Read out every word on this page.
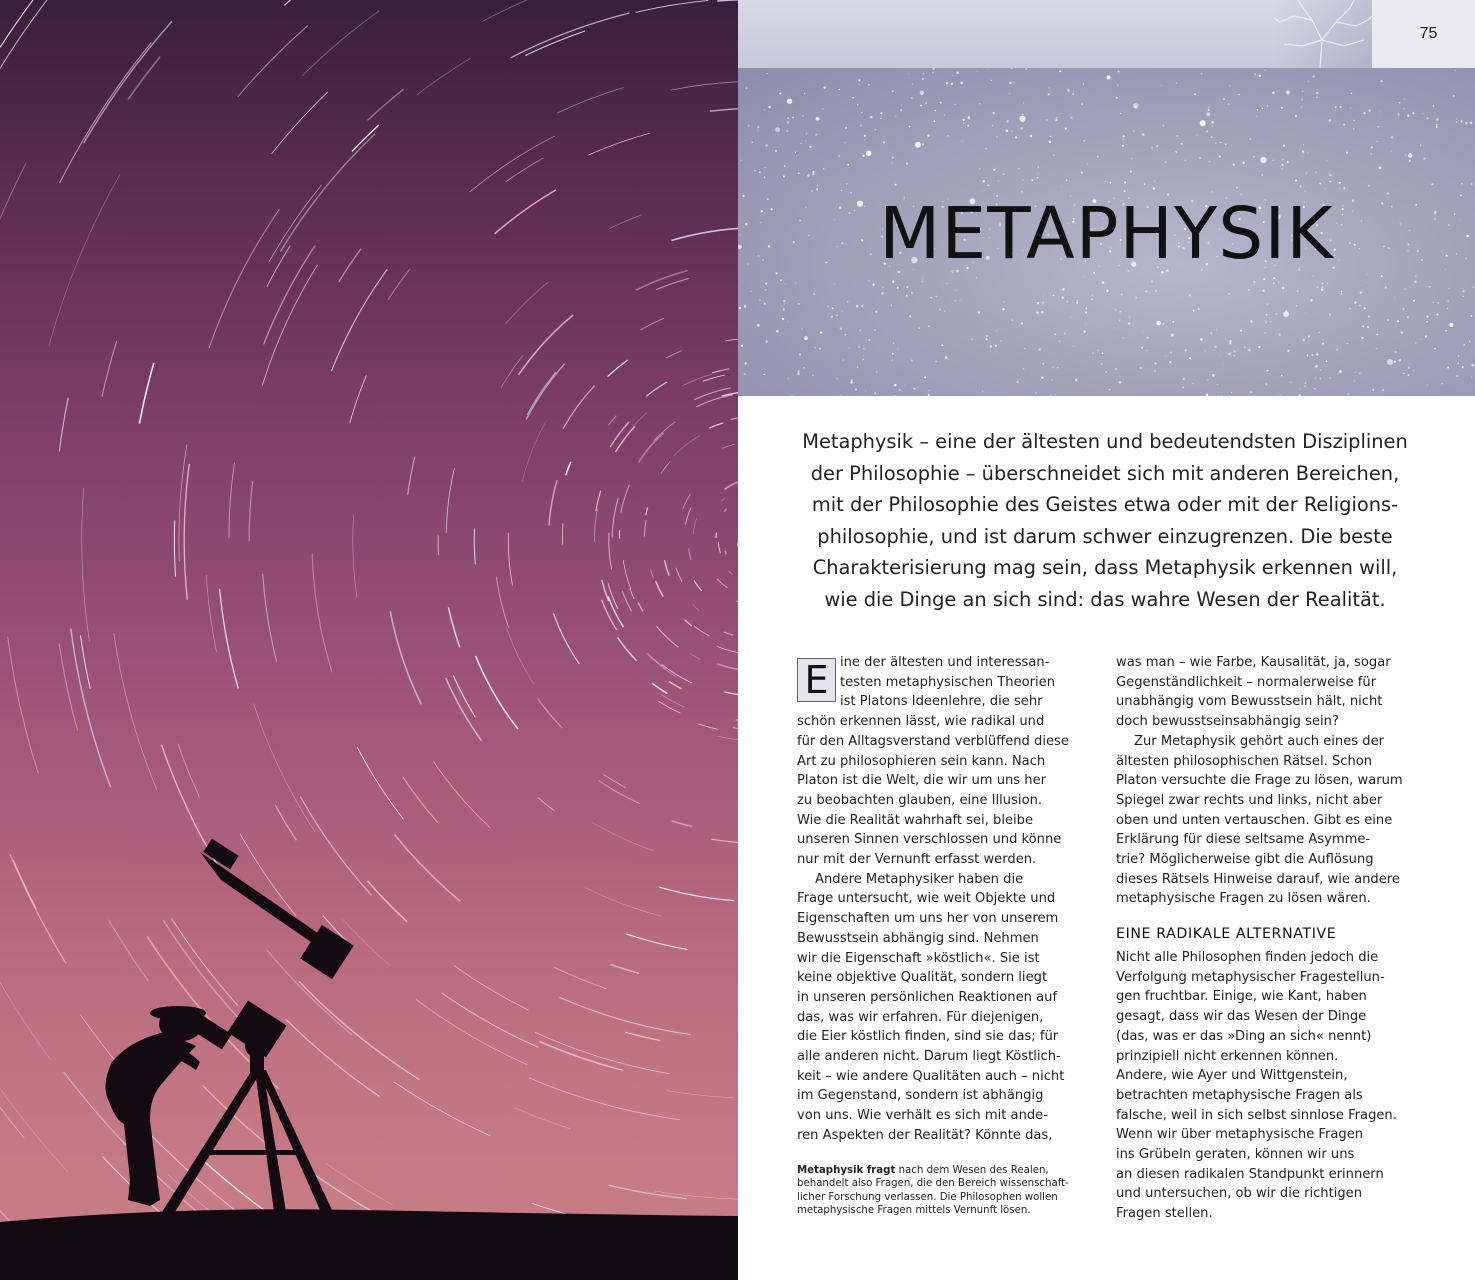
75
METAPHYSIK
Metaphysik – eine der ältesten und bedeutendsten Disziplinen
der Philosophie – überschneidet sich mit anderen Bereichen,
mit der Philosophie des Geistes etwa oder mit der Religions-
philosophie, und ist darum schwer einzugrenzen. Die beste
Charakterisierung mag sein, dass Metaphysik erkennen will,
wie die Dinge an sich sind: das wahre Wesen der Realität.
E ine der ältesten und interessan-
testen metaphysischen Theorien
ist Platons Ideenlehre, die sehr
schön erkennen lässt, wie radikal und
für den Alltagsverstand verblüffend diese
Art zu philosophieren sein kann. Nach
Platon ist die Welt, die wir um uns her
zu beobachten glauben, eine Illusion.
Wie die Realität wahrhaft sei, bleibe
unseren Sinnen verschlossen und könne
nur mit der Vernunft erfasst werden.
Andere Metaphysiker haben die
Frage untersucht, wie weit Objekte und
Eigenschaften um uns her von unserem
Bewusstsein abhängig sind. Nehmen
wir die Eigenschaft »köstlich«. Sie ist
keine objektive Qualität, sondern liegt
in unseren persönlichen Reaktionen auf
das, was wir erfahren. Für diejenigen,
die Eier köstlich finden, sind sie das; für
alle anderen nicht. Darum liegt Köstlich-
keit – wie andere Qualitäten auch – nicht
im Gegenstand, sondern ist abhängig
von uns. Wie verhält es sich mit ande-
ren Aspekten der Realität? Könnte das,
was man – wie Farbe, Kausalität, ja, sogar
Gegenständlichkeit – normalerweise für
unabhängig vom Bewusstsein hält, nicht
doch bewusstseinsabhängig sein?
Zur Metaphysik gehört auch eines der
ältesten philosophischen Rätsel. Schon
Platon versuchte die Frage zu lösen, warum
Spiegel zwar rechts und links, nicht aber
oben und unten vertauschen. Gibt es eine
Erklärung für diese seltsame Asymme-
trie? Möglicherweise gibt die Auflösung
dieses Rätsels Hinweise darauf, wie andere
metaphysische Fragen zu lösen wären.
EINE RADIKALE ALTERNATIVE
Nicht alle Philosophen finden jedoch die
Verfolgung metaphysischer Fragestellun-
gen fruchtbar. Einige, wie Kant, haben
gesagt, dass wir das Wesen der Dinge
(das, was er das »Ding an sich« nennt)
prinzipiell nicht erkennen können.
Andere, wie Ayer und Wittgenstein,
betrachten metaphysische Fragen als
falsche, weil in sich selbst sinnlose Fragen.
Wenn wir über metaphysische Fragen
ins Grübeln geraten, können wir uns
an diesen radikalen Standpunkt erinnern
und untersuchen, ob wir die richtigen
Fragen stellen.
Metaphysik fragt nach dem Wesen des Realen,
behandelt also Fragen, die den Bereich wissenschaft-
licher Forschung verlassen. Die Philosophen wollen
metaphysische Fragen mittels Vernunft lösen.
